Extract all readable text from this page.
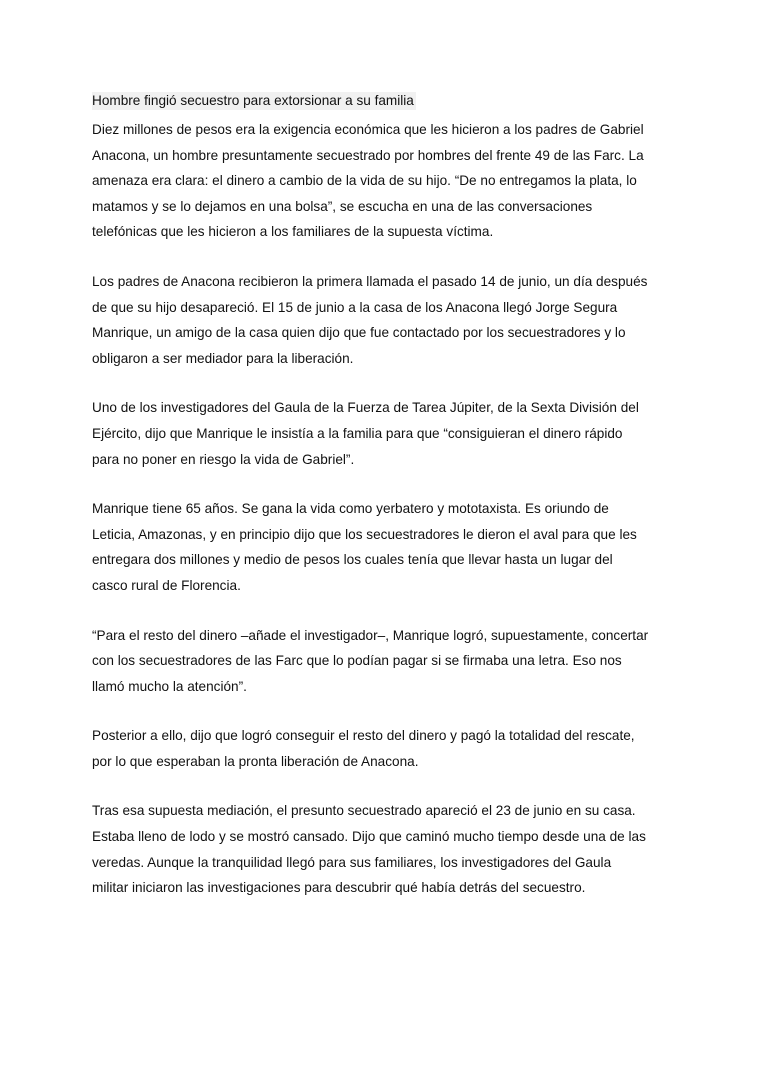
Hombre fingió secuestro para extorsionar a su familia
Diez millones de pesos era la exigencia económica que les hicieron a los padres de Gabriel
Anacona, un hombre presuntamente secuestrado por hombres del frente 49 de las Farc. La
amenaza era clara: el dinero a cambio de la vida de su hijo. “De no entregamos la plata, lo
matamos y se lo dejamos en una bolsa”, se escucha en una de las conversaciones
telefónicas que les hicieron a los familiares de la supuesta víctima.
Los padres de Anacona recibieron la primera llamada el pasado 14 de junio, un día después
de que su hijo desapareció. El 15 de junio a la casa de los Anacona llegó Jorge Segura
Manrique, un amigo de la casa quien dijo que fue contactado por los secuestradores y lo
obligaron a ser mediador para la liberación.
Uno de los investigadores del Gaula de la Fuerza de Tarea Júpiter, de la Sexta División del
Ejército, dijo que Manrique le insistía a la familia para que “consiguieran el dinero rápido
para no poner en riesgo la vida de Gabriel”.
Manrique tiene 65 años. Se gana la vida como yerbatero y mototaxista. Es oriundo de
Leticia, Amazonas, y en principio dijo que los secuestradores le dieron el aval para que les
entregara dos millones y medio de pesos los cuales tenía que llevar hasta un lugar del
casco rural de Florencia.
“Para el resto del dinero –añade el investigador–, Manrique logró, supuestamente, concertar
con los secuestradores de las Farc que lo podían pagar si se firmaba una letra. Eso nos
llamó mucho la atención”.
Posterior a ello, dijo que logró conseguir el resto del dinero y pagó la totalidad del rescate,
por lo que esperaban la pronta liberación de Anacona.
Tras esa supuesta mediación, el presunto secuestrado apareció el 23 de junio en su casa.
Estaba lleno de lodo y se mostró cansado. Dijo que caminó mucho tiempo desde una de las
veredas. Aunque la tranquilidad llegó para sus familiares, los investigadores del Gaula
militar iniciaron las investigaciones para descubrir qué había detrás del secuestro.
